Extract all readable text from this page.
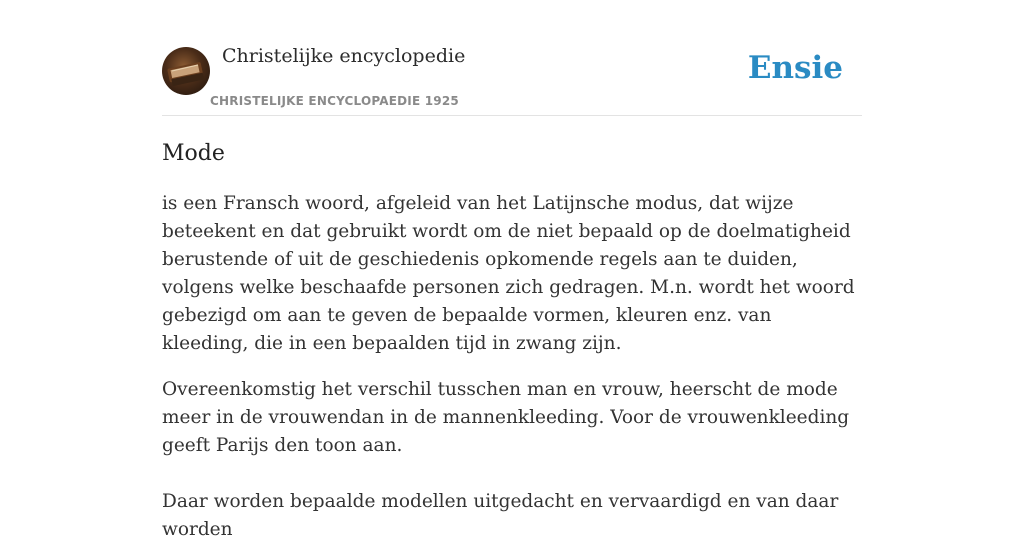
Christelijke encyclopedie
CHRISTELIJKE ENCYCLOPAEDIE 1925
Ensie
Mode

is een Fransch woord, afgeleid van het Latijnsche modus, dat wijze beteekent en dat gebruikt wordt om de niet bepaald op de doelmatigheid berustende of uit de geschiedenis opkomende regels aan te duiden, volgens welke beschaafde personen zich gedragen. M.n. wordt het woord gebezigd om aan te geven de bepaalde vormen, kleuren enz. van kleeding, die in een bepaalden tijd in zwang zijn.

Overeenkomstig het verschil tusschen man en vrouw, heerscht de mode meer in de vrouwendan in de mannenkleeding. Voor de vrouwenkleeding geeft Parijs den toon aan.

Daar worden bepaalde modellen uitgedacht en vervaardigd en van daar worden
